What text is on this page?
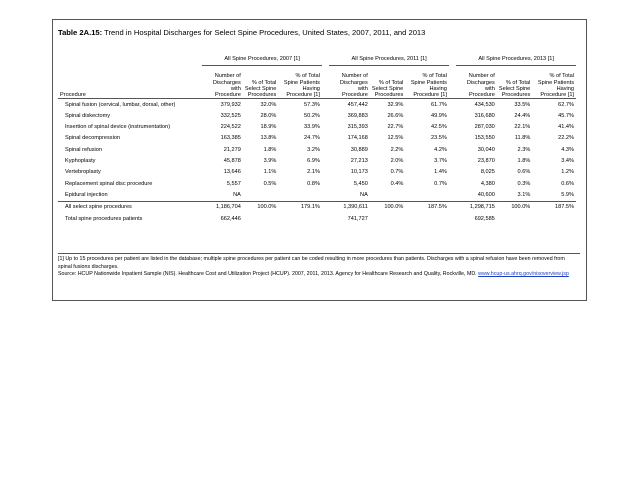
Table 2A.15: Trend in Hospital Discharges for Select Spine Procedures, United States, 2007, 2011, and 2013
		All Spine Procedures, 2007 [1]				All Spine Procedures, 2011 [1]				All Spine Procedures, 2013 [1]		
Procedure		Number of Discharges with Procedure	% of Total Select Spine Procedures	% of Total Spine Patients Having Procedure [1]		Number of Discharges with Procedure	% of Total Select Spine Procedures	% of Total Spine Patients Having Procedure [1]		Number of Discharges with Procedure	% of Total Select Spine Procedures	% of Total Spine Patients Having Procedure [1]
Spinal fusion (cervical, lumbar, dorsal, other)		379,932	32.0%	57.3%		457,442	32.9%	61.7%		434,530	33.5%	62.7%
Spinal diskectomy		332,525	28.0%	50.2%		369,883	26.6%	49.9%		316,680	24.4%	45.7%
Insertion of spinal device (instrumentation)		224,522	18.9%	33.9%		315,393	22.7%	42.5%		287,030	22.1%	41.4%
Spinal decompression		163,385	13.8%	24.7%		174,168	12.5%	23.5%		153,550	11.8%	22.2%
Spinal refusion		21,279	1.8%	3.2%		30,889	2.2%	4.2%		30,040	2.3%	4.3%
Kyphoplasty		45,878	3.9%	6.9%		27,213	2.0%	3.7%		23,870	1.8%	3.4%
Vertebroplasty		13,646	1.1%	2.1%		10,173	0.7%	1.4%		8,025	0.6%	1.2%
Replacement spinal disc procedure		5,557	0.5%	0.8%		5,450	0.4%	0.7%		4,380	0.3%	0.6%
Epidural injection		NA				NA				40,600	3.1%	5.9%
All select spine procedures		1,186,704	100.0%	179.1%		1,390,611	100.0%	187.5%		1,298,715	100.0%	187.5%
Total spine procedures patients		662,446				741,727				692,585		

[1] Up to 15 procedures per patient are listed in the database; multiple spine procedures per patient can be coded resulting in more procedures than patients. Discharges with a spinal refusion have been removed from spinal fusions discharges.

Source: HCUP Nationwide Inpatient Sample (NIS). Healthcare Cost and Utilization Project (HCUP). 2007, 2011, 2013. Agency for Healthcare Research and Quality, Rockville, MD. www.hcup-us.ahrq.gov/nisoverview.jsp
